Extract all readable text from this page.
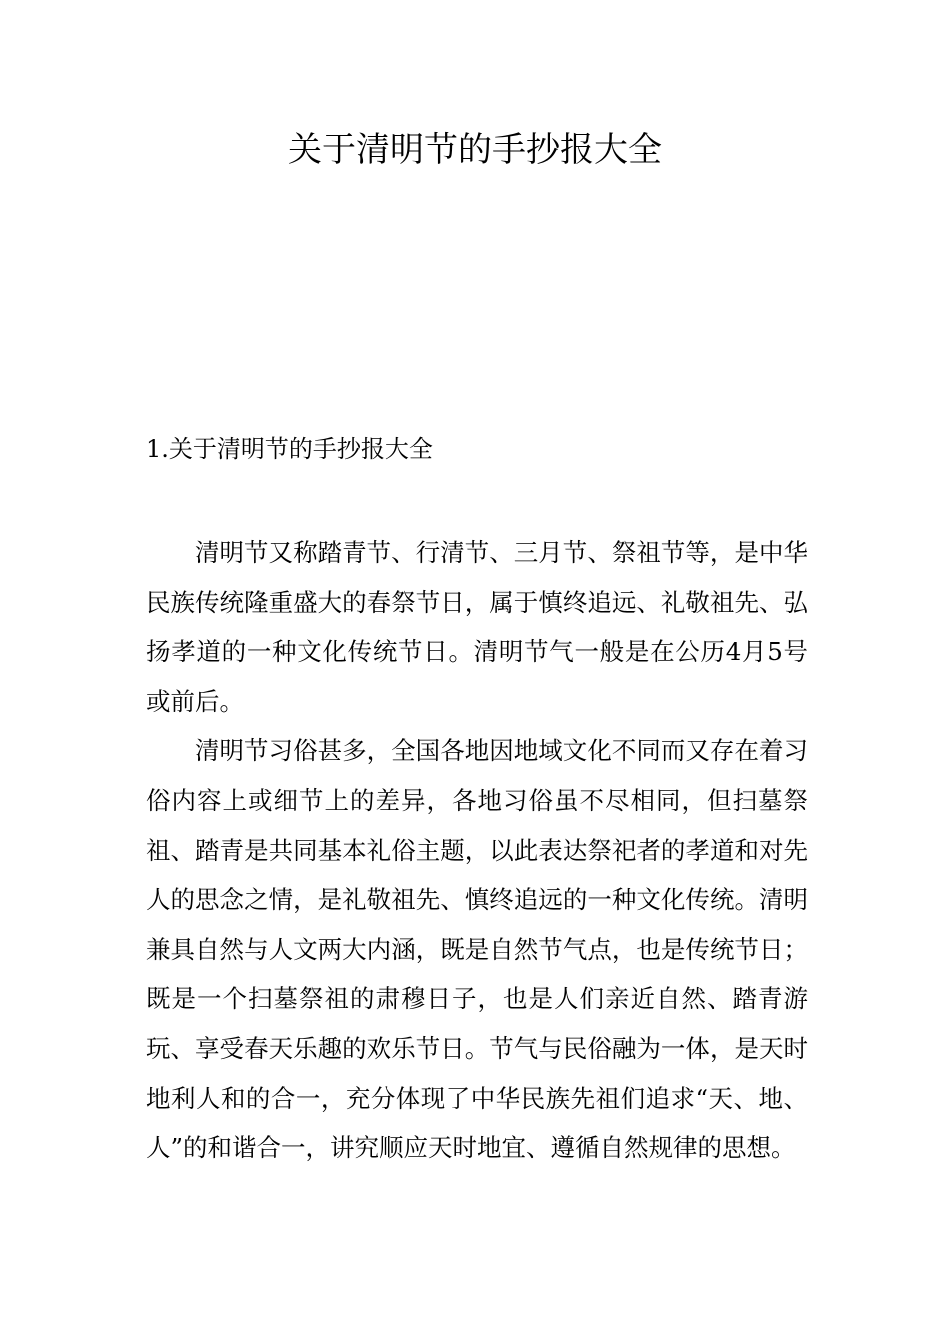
关于清明节的手抄报大全
1.关于清明节的手抄报大全

清明节又称踏青节、行清节、三月节、祭祖节等，是中华民族传统隆重盛大的春祭节日，属于慎终追远、礼敬祖先、弘扬孝道的一种文化传统节日。清明节气一般是在公历4月5号或前后。

清明节习俗甚多，全国各地因地域文化不同而又存在着习俗内容上或细节上的差异，各地习俗虽不尽相同，但扫墓祭祖、踏青是共同基本礼俗主题，以此表达祭祀者的孝道和对先人的思念之情，是礼敬祖先、慎终追远的一种文化传统。清明兼具自然与人文两大内涵，既是自然节气点，也是传统节日；既是一个扫墓祭祖的肃穆日子，也是人们亲近自然、踏青游玩、享受春天乐趣的欢乐节日。节气与民俗融为一体，是天时地利人和的合一，充分体现了中华民族先祖们追求“天、地、人”的和谐合一，讲究顺应天时地宜、遵循自然规律的思想。
